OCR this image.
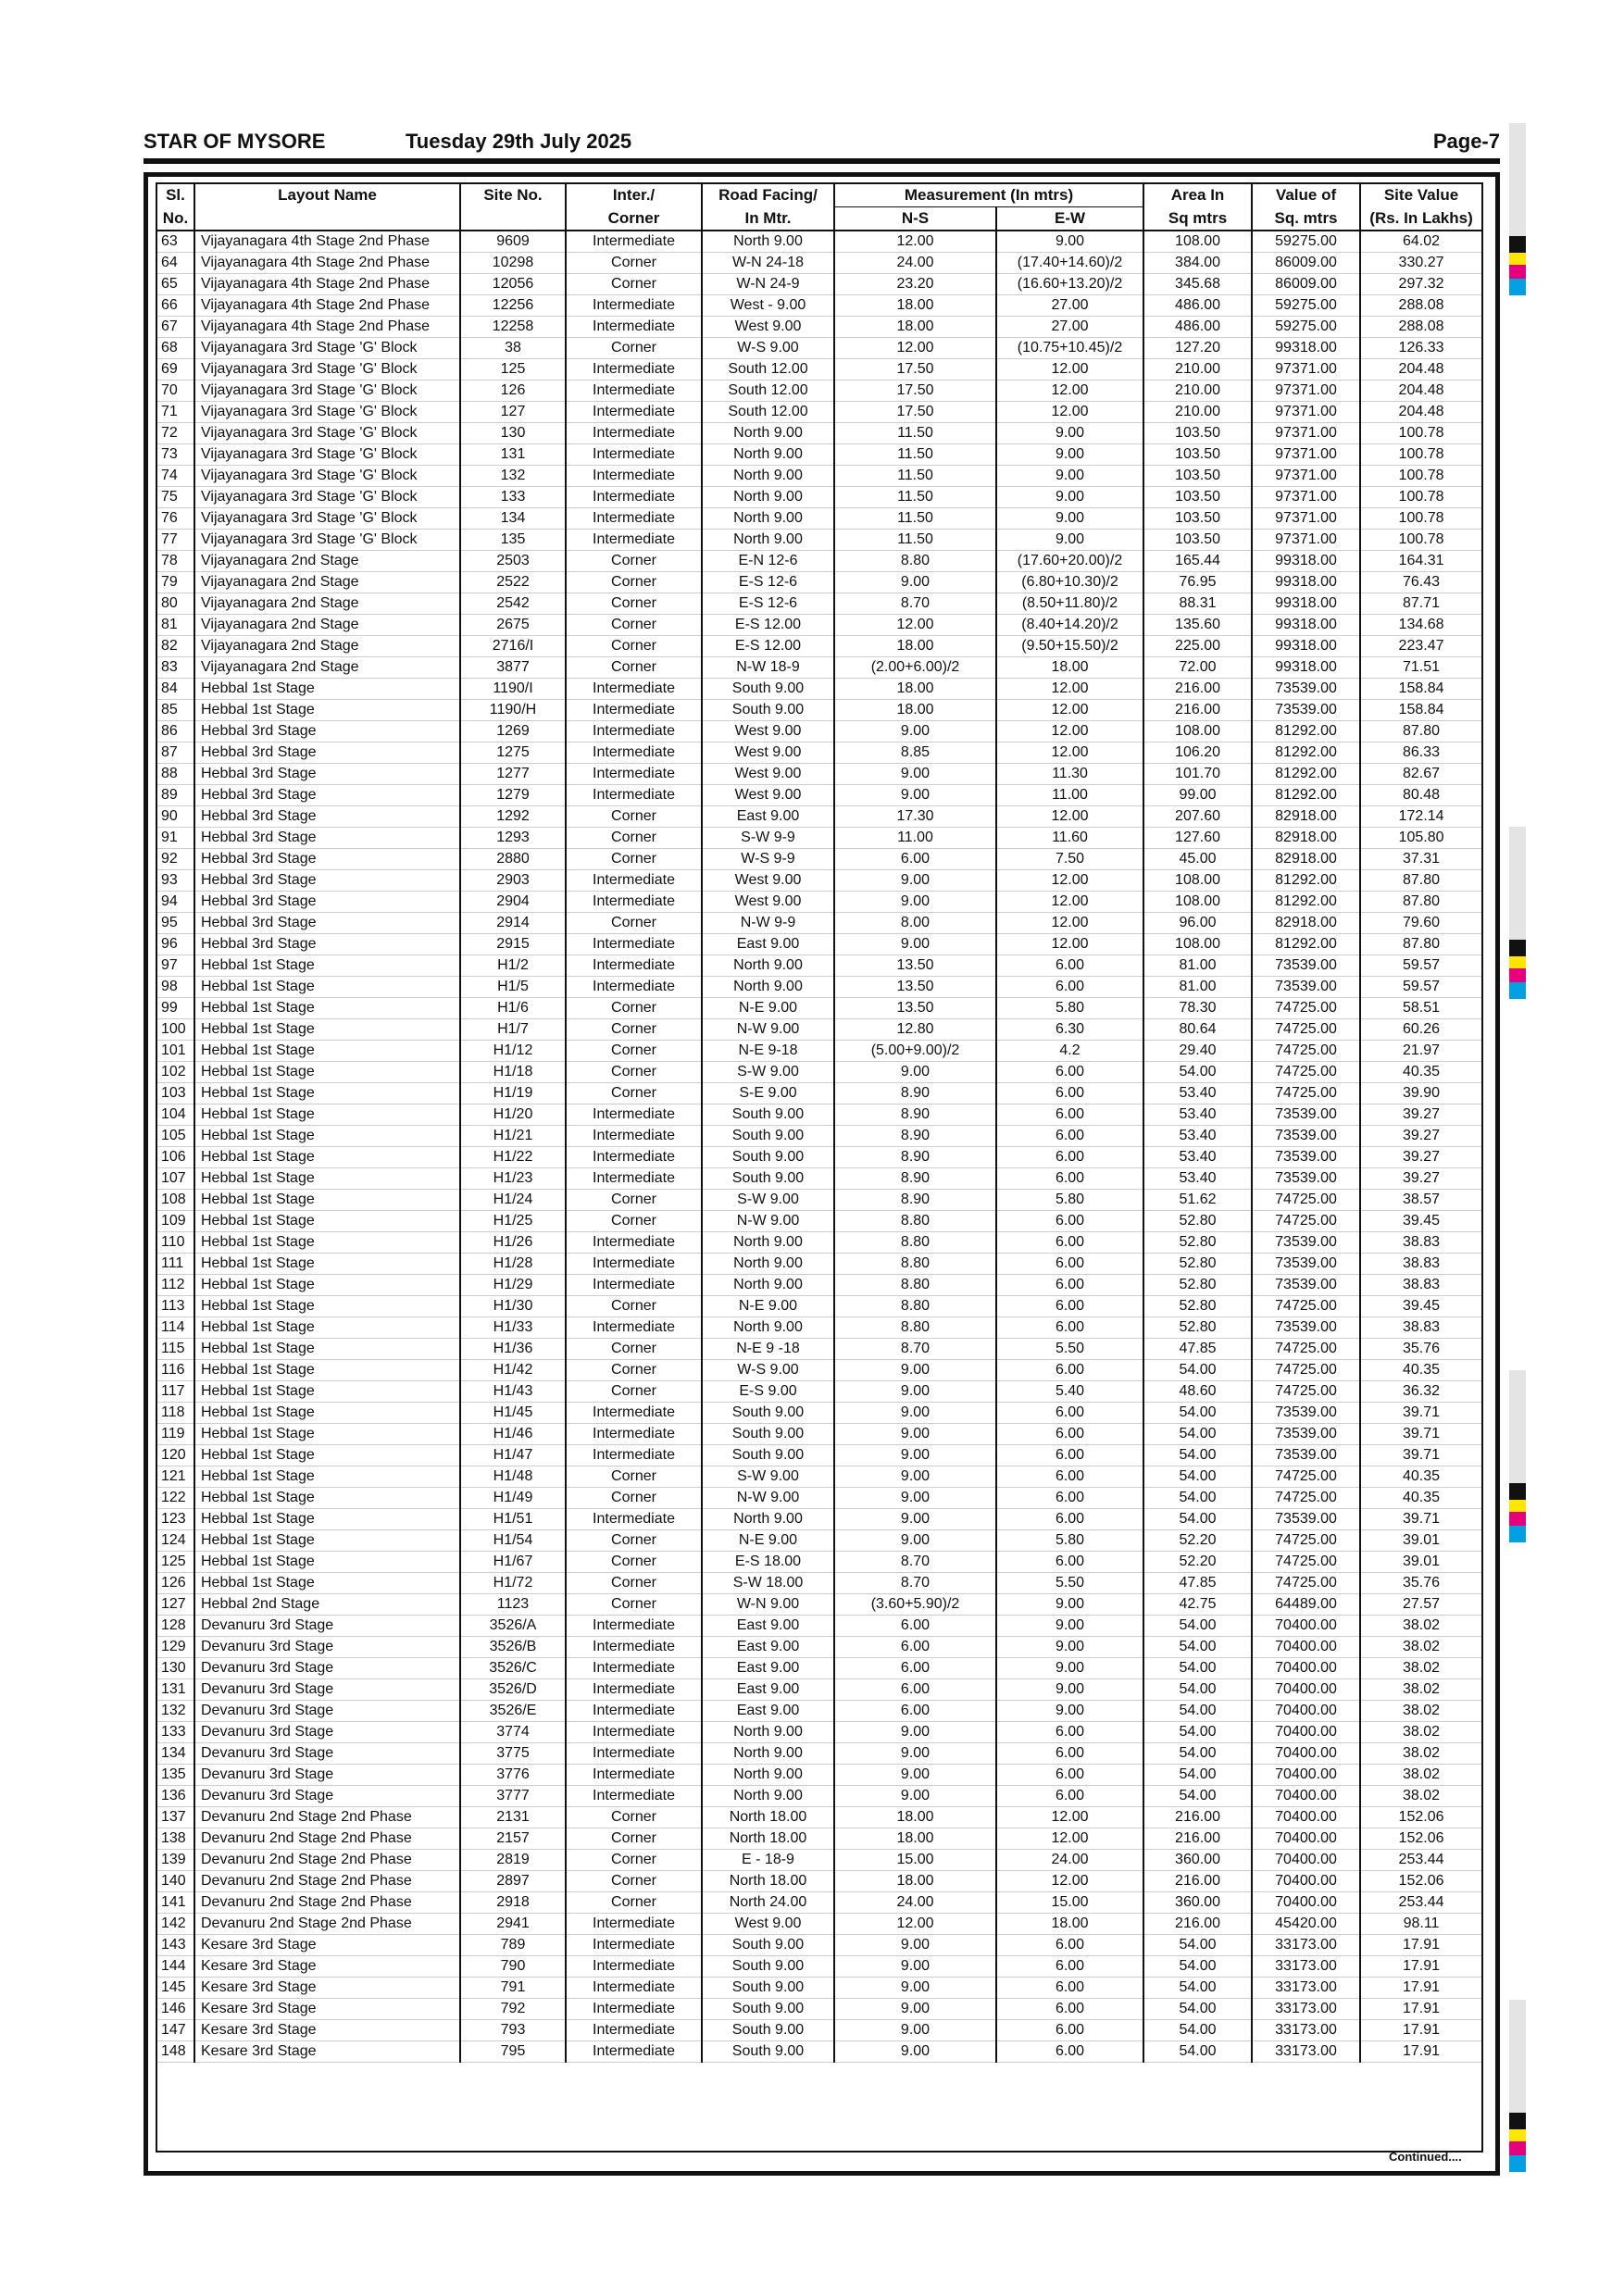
STAR OF MYSORE	Tuesday 29th July 2025	Page-7
Sl.	Layout Name	Site No.	Inter./	Road Facing/	Measurement (In mtrs)		Area In	Value of	Site Value
No.			Corner	In Mtr.	N-S	E-W	Sq mtrs	Sq. mtrs	(Rs. In Lakhs)
63	Vijayanagara 4th Stage 2nd Phase	9609	Intermediate	North 9.00	12.00	9.00	108.00	59275.00	64.02
64	Vijayanagara 4th Stage 2nd Phase	10298	Corner	W-N 24-18	24.00	(17.40+14.60)/2	384.00	86009.00	330.27
65	Vijayanagara 4th Stage 2nd Phase	12056	Corner	W-N 24-9	23.20	(16.60+13.20)/2	345.68	86009.00	297.32
66	Vijayanagara 4th Stage 2nd Phase	12256	Intermediate	West - 9.00	18.00	27.00	486.00	59275.00	288.08
67	Vijayanagara 4th Stage 2nd Phase	12258	Intermediate	West 9.00	18.00	27.00	486.00	59275.00	288.08
68	Vijayanagara 3rd Stage 'G' Block	38	Corner	W-S 9.00	12.00	(10.75+10.45)/2	127.20	99318.00	126.33
69	Vijayanagara 3rd Stage 'G' Block	125	Intermediate	South 12.00	17.50	12.00	210.00	97371.00	204.48
70	Vijayanagara 3rd Stage 'G' Block	126	Intermediate	South 12.00	17.50	12.00	210.00	97371.00	204.48
71	Vijayanagara 3rd Stage 'G' Block	127	Intermediate	South 12.00	17.50	12.00	210.00	97371.00	204.48
72	Vijayanagara 3rd Stage 'G' Block	130	Intermediate	North 9.00	11.50	9.00	103.50	97371.00	100.78
73	Vijayanagara 3rd Stage 'G' Block	131	Intermediate	North 9.00	11.50	9.00	103.50	97371.00	100.78
74	Vijayanagara 3rd Stage 'G' Block	132	Intermediate	North 9.00	11.50	9.00	103.50	97371.00	100.78
75	Vijayanagara 3rd Stage 'G' Block	133	Intermediate	North 9.00	11.50	9.00	103.50	97371.00	100.78
76	Vijayanagara 3rd Stage 'G' Block	134	Intermediate	North 9.00	11.50	9.00	103.50	97371.00	100.78
77	Vijayanagara 3rd Stage 'G' Block	135	Intermediate	North 9.00	11.50	9.00	103.50	97371.00	100.78
78	Vijayanagara 2nd Stage	2503	Corner	E-N 12-6	8.80	(17.60+20.00)/2	165.44	99318.00	164.31
79	Vijayanagara 2nd Stage	2522	Corner	E-S 12-6	9.00	(6.80+10.30)/2	76.95	99318.00	76.43
80	Vijayanagara 2nd Stage	2542	Corner	E-S 12-6	8.70	(8.50+11.80)/2	88.31	99318.00	87.71
81	Vijayanagara 2nd Stage	2675	Corner	E-S 12.00	12.00	(8.40+14.20)/2	135.60	99318.00	134.68
82	Vijayanagara 2nd Stage	2716/I	Corner	E-S 12.00	18.00	(9.50+15.50)/2	225.00	99318.00	223.47
83	Vijayanagara 2nd Stage	3877	Corner	N-W 18-9	(2.00+6.00)/2	18.00	72.00	99318.00	71.51
84	Hebbal 1st Stage	1190/I	Intermediate	South 9.00	18.00	12.00	216.00	73539.00	158.84
85	Hebbal 1st Stage	1190/H	Intermediate	South 9.00	18.00	12.00	216.00	73539.00	158.84
86	Hebbal 3rd Stage	1269	Intermediate	West 9.00	9.00	12.00	108.00	81292.00	87.80
87	Hebbal 3rd Stage	1275	Intermediate	West 9.00	8.85	12.00	106.20	81292.00	86.33
88	Hebbal 3rd Stage	1277	Intermediate	West 9.00	9.00	11.30	101.70	81292.00	82.67
89	Hebbal 3rd Stage	1279	Intermediate	West 9.00	9.00	11.00	99.00	81292.00	80.48
90	Hebbal 3rd Stage	1292	Corner	East 9.00	17.30	12.00	207.60	82918.00	172.14
91	Hebbal 3rd Stage	1293	Corner	S-W 9-9	11.00	11.60	127.60	82918.00	105.80
92	Hebbal 3rd Stage	2880	Corner	W-S 9-9	6.00	7.50	45.00	82918.00	37.31
93	Hebbal 3rd Stage	2903	Intermediate	West 9.00	9.00	12.00	108.00	81292.00	87.80
94	Hebbal 3rd Stage	2904	Intermediate	West 9.00	9.00	12.00	108.00	81292.00	87.80
95	Hebbal 3rd Stage	2914	Corner	N-W 9-9	8.00	12.00	96.00	82918.00	79.60
96	Hebbal 3rd Stage	2915	Intermediate	East 9.00	9.00	12.00	108.00	81292.00	87.80
97	Hebbal 1st Stage	H1/2	Intermediate	North 9.00	13.50	6.00	81.00	73539.00	59.57
98	Hebbal 1st Stage	H1/5	Intermediate	North 9.00	13.50	6.00	81.00	73539.00	59.57
99	Hebbal 1st Stage	H1/6	Corner	N-E 9.00	13.50	5.80	78.30	74725.00	58.51
100	Hebbal 1st Stage	H1/7	Corner	N-W 9.00	12.80	6.30	80.64	74725.00	60.26
101	Hebbal 1st Stage	H1/12	Corner	N-E 9-18	(5.00+9.00)/2	4.2	29.40	74725.00	21.97
102	Hebbal 1st Stage	H1/18	Corner	S-W 9.00	9.00	6.00	54.00	74725.00	40.35
103	Hebbal 1st Stage	H1/19	Corner	S-E 9.00	8.90	6.00	53.40	74725.00	39.90
104	Hebbal 1st Stage	H1/20	Intermediate	South 9.00	8.90	6.00	53.40	73539.00	39.27
105	Hebbal 1st Stage	H1/21	Intermediate	South 9.00	8.90	6.00	53.40	73539.00	39.27
106	Hebbal 1st Stage	H1/22	Intermediate	South 9.00	8.90	6.00	53.40	73539.00	39.27
107	Hebbal 1st Stage	H1/23	Intermediate	South 9.00	8.90	6.00	53.40	73539.00	39.27
108	Hebbal 1st Stage	H1/24	Corner	S-W 9.00	8.90	5.80	51.62	74725.00	38.57
109	Hebbal 1st Stage	H1/25	Corner	N-W 9.00	8.80	6.00	52.80	74725.00	39.45
110	Hebbal 1st Stage	H1/26	Intermediate	North 9.00	8.80	6.00	52.80	73539.00	38.83
111	Hebbal 1st Stage	H1/28	Intermediate	North 9.00	8.80	6.00	52.80	73539.00	38.83
112	Hebbal 1st Stage	H1/29	Intermediate	North 9.00	8.80	6.00	52.80	73539.00	38.83
113	Hebbal 1st Stage	H1/30	Corner	N-E 9.00	8.80	6.00	52.80	74725.00	39.45
114	Hebbal 1st Stage	H1/33	Intermediate	North 9.00	8.80	6.00	52.80	73539.00	38.83
115	Hebbal 1st Stage	H1/36	Corner	N-E 9 -18	8.70	5.50	47.85	74725.00	35.76
116	Hebbal 1st Stage	H1/42	Corner	W-S 9.00	9.00	6.00	54.00	74725.00	40.35
117	Hebbal 1st Stage	H1/43	Corner	E-S 9.00	9.00	5.40	48.60	74725.00	36.32
118	Hebbal 1st Stage	H1/45	Intermediate	South 9.00	9.00	6.00	54.00	73539.00	39.71
119	Hebbal 1st Stage	H1/46	Intermediate	South 9.00	9.00	6.00	54.00	73539.00	39.71
120	Hebbal 1st Stage	H1/47	Intermediate	South 9.00	9.00	6.00	54.00	73539.00	39.71
121	Hebbal 1st Stage	H1/48	Corner	S-W 9.00	9.00	6.00	54.00	74725.00	40.35
122	Hebbal 1st Stage	H1/49	Corner	N-W 9.00	9.00	6.00	54.00	74725.00	40.35
123	Hebbal 1st Stage	H1/51	Intermediate	North 9.00	9.00	6.00	54.00	73539.00	39.71
124	Hebbal 1st Stage	H1/54	Corner	N-E 9.00	9.00	5.80	52.20	74725.00	39.01
125	Hebbal 1st Stage	H1/67	Corner	E-S 18.00	8.70	6.00	52.20	74725.00	39.01
126	Hebbal 1st Stage	H1/72	Corner	S-W 18.00	8.70	5.50	47.85	74725.00	35.76
127	Hebbal 2nd Stage	1123	Corner	W-N 9.00	(3.60+5.90)/2	9.00	42.75	64489.00	27.57
128	Devanuru 3rd Stage	3526/A	Intermediate	East 9.00	6.00	9.00	54.00	70400.00	38.02
129	Devanuru 3rd Stage	3526/B	Intermediate	East 9.00	6.00	9.00	54.00	70400.00	38.02
130	Devanuru 3rd Stage	3526/C	Intermediate	East 9.00	6.00	9.00	54.00	70400.00	38.02
131	Devanuru 3rd Stage	3526/D	Intermediate	East 9.00	6.00	9.00	54.00	70400.00	38.02
132	Devanuru 3rd Stage	3526/E	Intermediate	East 9.00	6.00	9.00	54.00	70400.00	38.02
133	Devanuru 3rd Stage	3774	Intermediate	North 9.00	9.00	6.00	54.00	70400.00	38.02
134	Devanuru 3rd Stage	3775	Intermediate	North 9.00	9.00	6.00	54.00	70400.00	38.02
135	Devanuru 3rd Stage	3776	Intermediate	North 9.00	9.00	6.00	54.00	70400.00	38.02
136	Devanuru 3rd Stage	3777	Intermediate	North 9.00	9.00	6.00	54.00	70400.00	38.02
137	Devanuru 2nd Stage 2nd Phase	2131	Corner	North 18.00	18.00	12.00	216.00	70400.00	152.06
138	Devanuru 2nd Stage 2nd Phase	2157	Corner	North 18.00	18.00	12.00	216.00	70400.00	152.06
139	Devanuru 2nd Stage 2nd Phase	2819	Corner	E - 18-9	15.00	24.00	360.00	70400.00	253.44
140	Devanuru 2nd Stage 2nd Phase	2897	Corner	North 18.00	18.00	12.00	216.00	70400.00	152.06
141	Devanuru 2nd Stage 2nd Phase	2918	Corner	North 24.00	24.00	15.00	360.00	70400.00	253.44
142	Devanuru 2nd Stage 2nd Phase	2941	Intermediate	West 9.00	12.00	18.00	216.00	45420.00	98.11
143	Kesare 3rd Stage	789	Intermediate	South 9.00	9.00	6.00	54.00	33173.00	17.91
144	Kesare 3rd Stage	790	Intermediate	South 9.00	9.00	6.00	54.00	33173.00	17.91
145	Kesare 3rd Stage	791	Intermediate	South 9.00	9.00	6.00	54.00	33173.00	17.91
146	Kesare 3rd Stage	792	Intermediate	South 9.00	9.00	6.00	54.00	33173.00	17.91
147	Kesare 3rd Stage	793	Intermediate	South 9.00	9.00	6.00	54.00	33173.00	17.91
148	Kesare 3rd Stage	795	Intermediate	South 9.00	9.00	6.00	54.00	33173.00	17.91
Continued....
